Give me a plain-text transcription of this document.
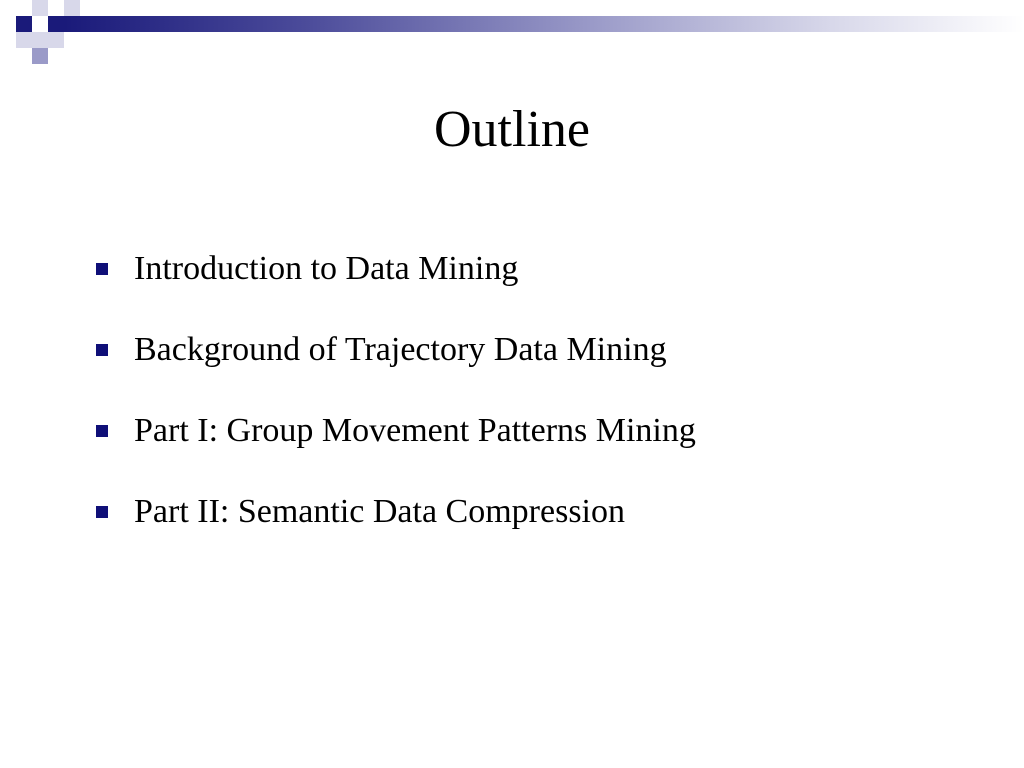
Outline
Introduction to Data Mining
Background of Trajectory Data Mining
Part I: Group Movement Patterns Mining
Part II: Semantic Data Compression
